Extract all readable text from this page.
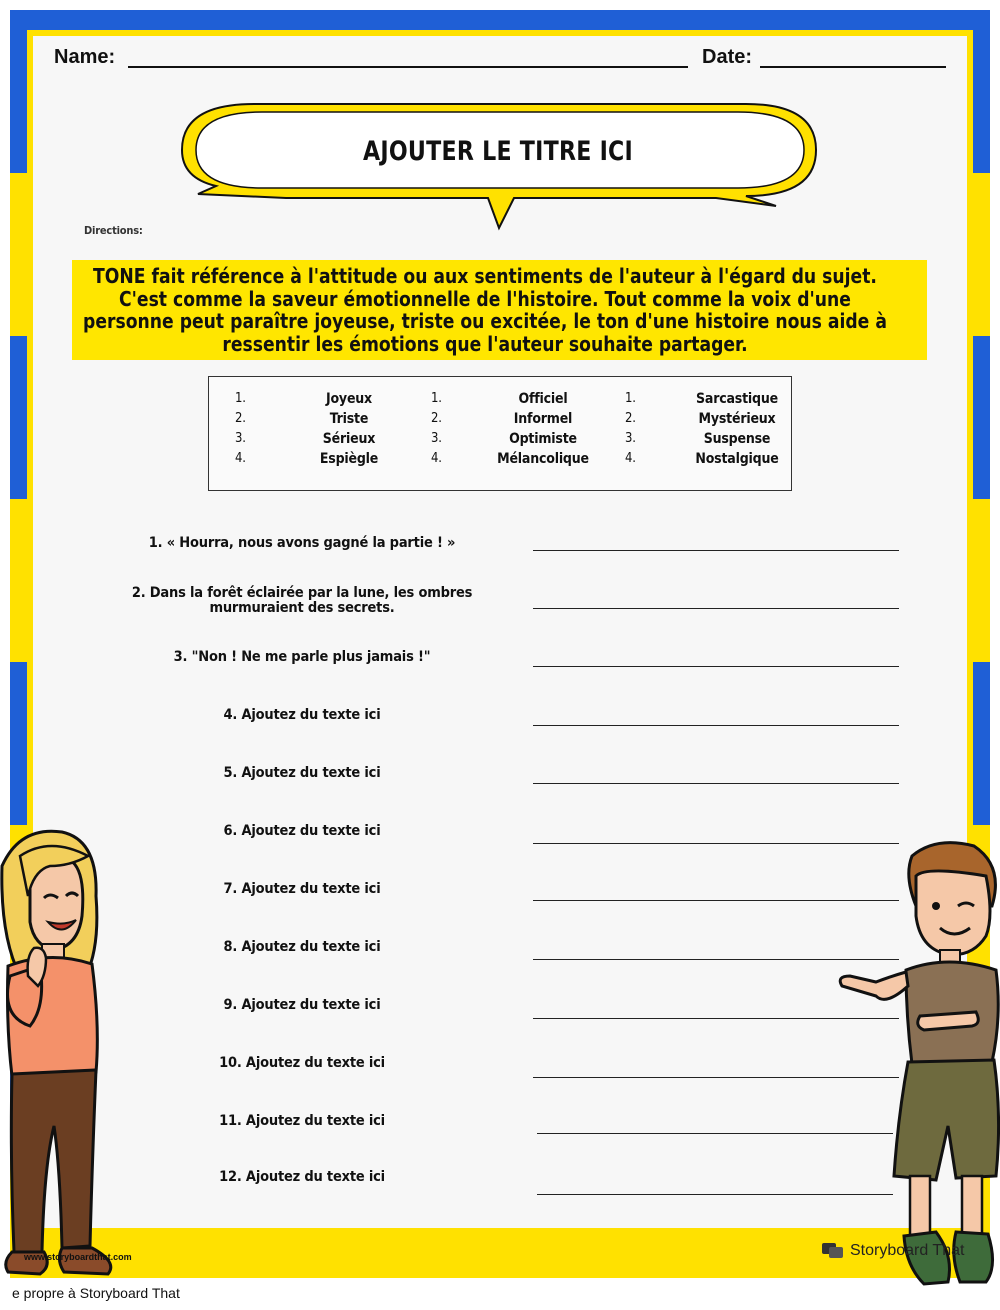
Name:	Date:
AJOUTER LE TITRE ICI
Directions:
TONE fait référence à l'attitude ou aux sentiments de l'auteur à l'égard du sujet. C'est comme la saveur émotionnelle de l'histoire. Tout comme la voix d'une personne peut paraître joyeuse, triste ou excitée, le ton d'une histoire nous aide à ressentir les émotions que l'auteur souhaite partager.
1.	Joyeux
2.	Triste
3.	Sérieux
4.	Espiègle
1.	Officiel
2.	Informel
3.	Optimiste
4.	Mélancolique
1.	Sarcastique
2.	Mystérieux
3.	Suspense
4.	Nostalgique
1. « Hourra, nous avons gagné la partie ! »
2. Dans la forêt éclairée par la lune, les ombres
murmuraient des secrets.
3. "Non ! Ne me parle plus jamais !"
4. Ajoutez du texte ici
5. Ajoutez du texte ici
6. Ajoutez du texte ici
7. Ajoutez du texte ici
8. Ajoutez du texte ici
9. Ajoutez du texte ici
10. Ajoutez du texte ici
11. Ajoutez du texte ici
12. Ajoutez du texte ici
www.storyboardthat.com	Storyboard That
e propre à Storyboard That
